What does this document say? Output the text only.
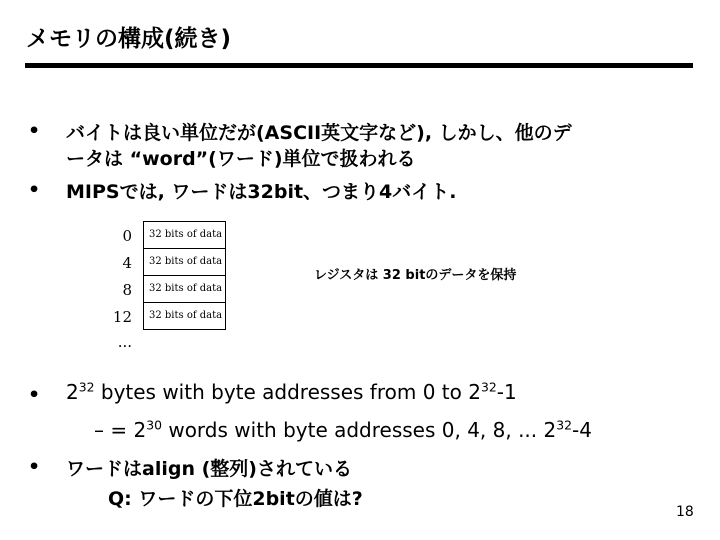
メモリの構成(続き)
• バイトは良い単位だが(ASCII英文字など), しかし、他のデ
ータは “word”(ワード)単位で扱われる
• MIPSでは, ワードは32bit、つまり4バイト.
0
4
8
12
...
32 bits of data
32 bits of data
32 bits of data
32 bits of data
レジスタは 32 bitのデータを保持
• $2^{32}$ bytes with byte addresses from 0 to $2^{32}-1$
– = $2^{30}$ words with byte addresses 0, 4, 8, ... $2^{32}-4$
• ワードはalign (整列)されている
Q: ワードの下位2bitの値は?
18
